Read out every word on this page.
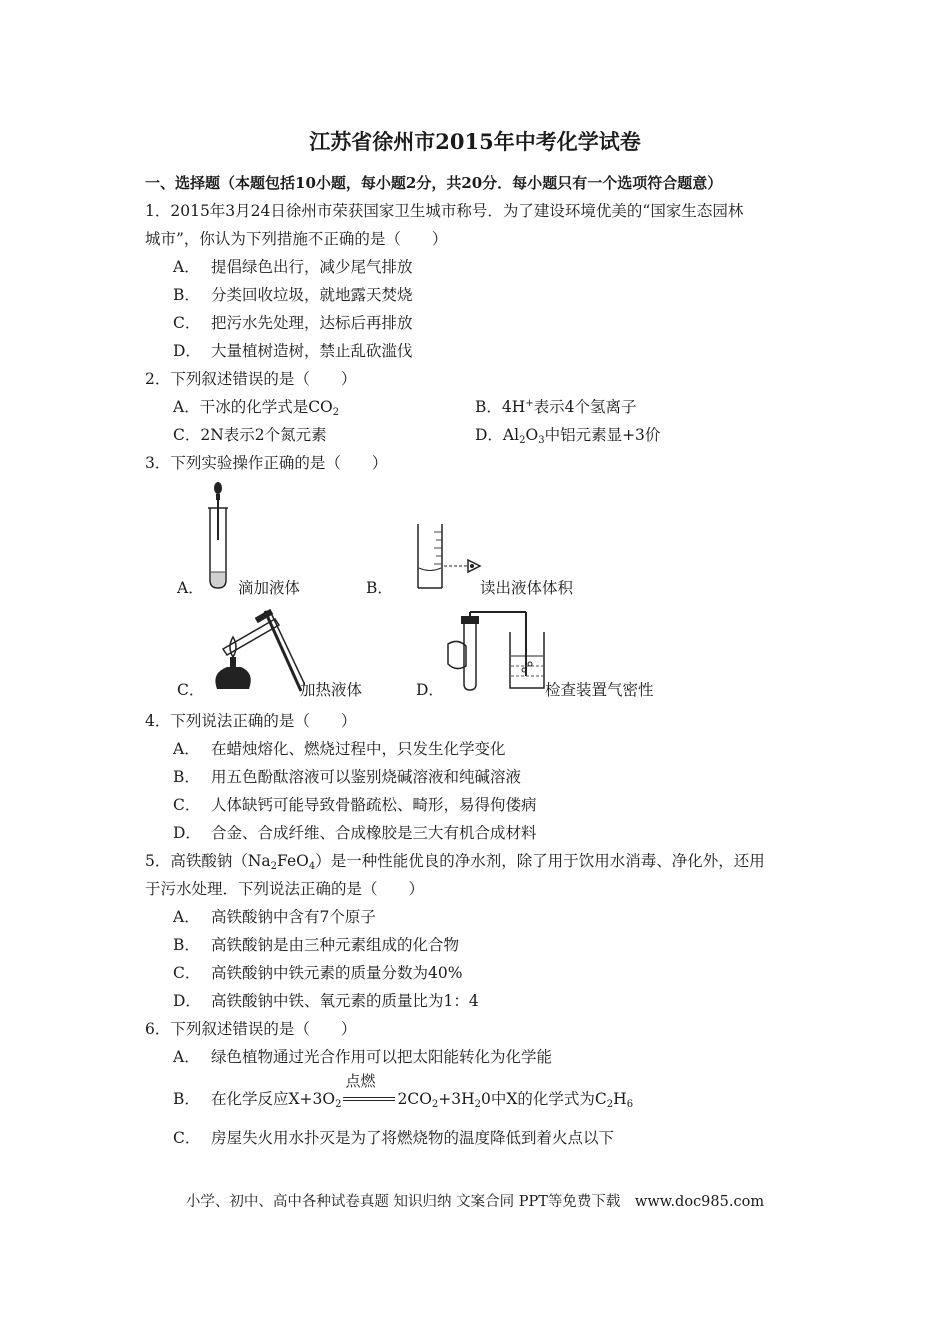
江苏省徐州市2015年中考化学试卷
一、选择题（本题包括10小题，每小题2分，共20分．每小题只有一个选项符合题意）
1．2015年3月24日徐州市荣获国家卫生城市称号．为了建设环境优美的“国家生态园林
城市”，你认为下列措施不正确的是（　　）
A． 提倡绿色出行，减少尾气排放
B． 分类回收垃圾，就地露天焚烧
C． 把污水先处理，达标后再排放
D． 大量植树造树，禁止乱砍滥伐
2．下列叙述错误的是（　　）
A．干冰的化学式是$CO_2$	B．4H+表示4个氢离子
C．2N表示2个氮元素	D．$Al_2O_3$中铝元素显+3价
3．下列实验操作正确的是（　　）
A． 滴加液体	B．	读出液体体积
C．	加热液体	D．	检查装置气密性
4．下列说法正确的是（　　）
A． 在蜡烛熔化、燃烧过程中，只发生化学变化
B． 用五色酚酞溶液可以鉴别烧碱溶液和纯碱溶液
C． 人体缺钙可能导致骨骼疏松、畸形，易得佝偻病
D． 合金、合成纤维、合成橡胶是三大有机合成材料
5．高铁酸钠$(Na_2FeO_4)$是一种性能优良的净水剂，除了用于饮用水消毒、净化外，还用
于污水处理．下列说法正确的是（　　）
A． 高铁酸钠中含有7个原子
B． 高铁酸钠是由三种元素组成的化合物
C． 高铁酸钠中铁元素的质量分数为40%
D． 高铁酸钠中铁、氧元素的质量比为1：4
6．下列叙述错误的是（　　）
A． 绿色植物通过光合作用可以把太阳能转化为化学能
B． 在化学反应$X+3O_2$
点燃
$2CO_2+3H_20$中X的化学式为$C_2H_6$
C． 房屋失火用水扑灭是为了将燃烧物的温度降低到着火点以下
小学、初中、高中各种试卷真题 知识归纳 文案合同 PPT等免费下载　www.doc985.com
